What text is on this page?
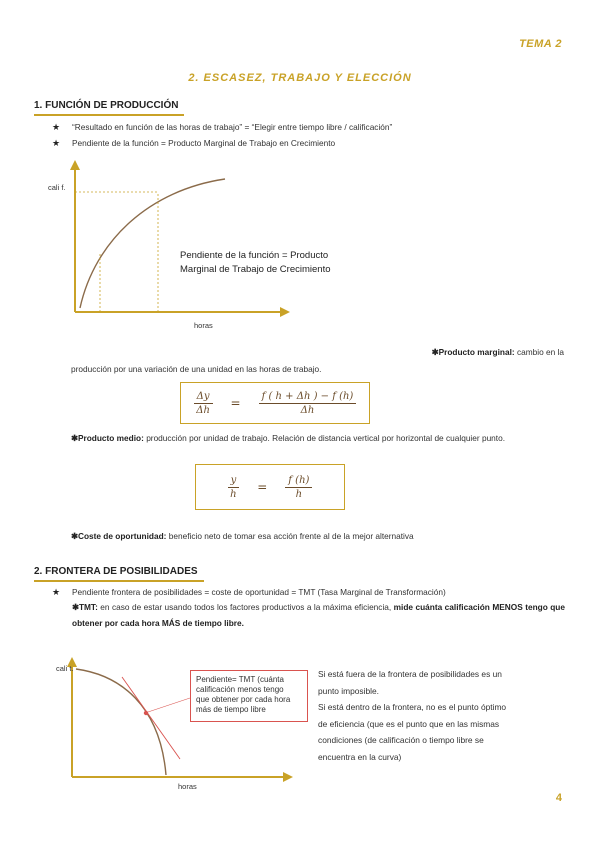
TEMA 2
2. ESCASEZ, TRABAJO Y ELECCIÓN
1. FUNCIÓN DE PRODUCCIÓN
★ “Resultado en función de las horas de trabajo” = “Elegir entre tiempo libre / calificación”
★ Pendiente de la función = Producto Marginal de Trabajo en Crecimiento
cali f.
horas
Pendiente de la función = Producto
Marginal de Trabajo de Crecimiento
✱Producto marginal: cambio en la
producción por una variación de una unidad en las horas de trabajo.
$\frac{\Delta y}{\Delta h} = \frac{f ( h + \Delta h ) - f (h)}{\Delta h}$
✱Producto medio: producción por unidad de trabajo. Relación de distancia vertical por horizontal de cualquier punto.
$\frac{y}{h} = \frac{f (h)}{h}$
✱Coste de oportunidad: beneficio neto de tomar esa acción frente al de la mejor alternativa
2. FRONTERA DE POSIBILIDADES
★ Pendiente frontera de posibilidades = coste de oportunidad = TMT (Tasa Marginal de Transformación)
✱TMT: en caso de estar usando todos los factores productivos a la máxima eficiencia, mide cuánta calificación MENOS tengo que obtener por cada hora MÁS de tiempo libre.
cali t.
horas
Pendiente= TMT (cuánta
calificación menos tengo
que obtener por cada hora
más de tiempo libre
Si está fuera de la frontera de posibilidades es un
punto imposible.
Si está dentro de la frontera, no es el punto óptimo
de eficiencia (que es el punto que en las mismas
condiciones (de calificación o tiempo libre se
encuentra en la curva)
4
